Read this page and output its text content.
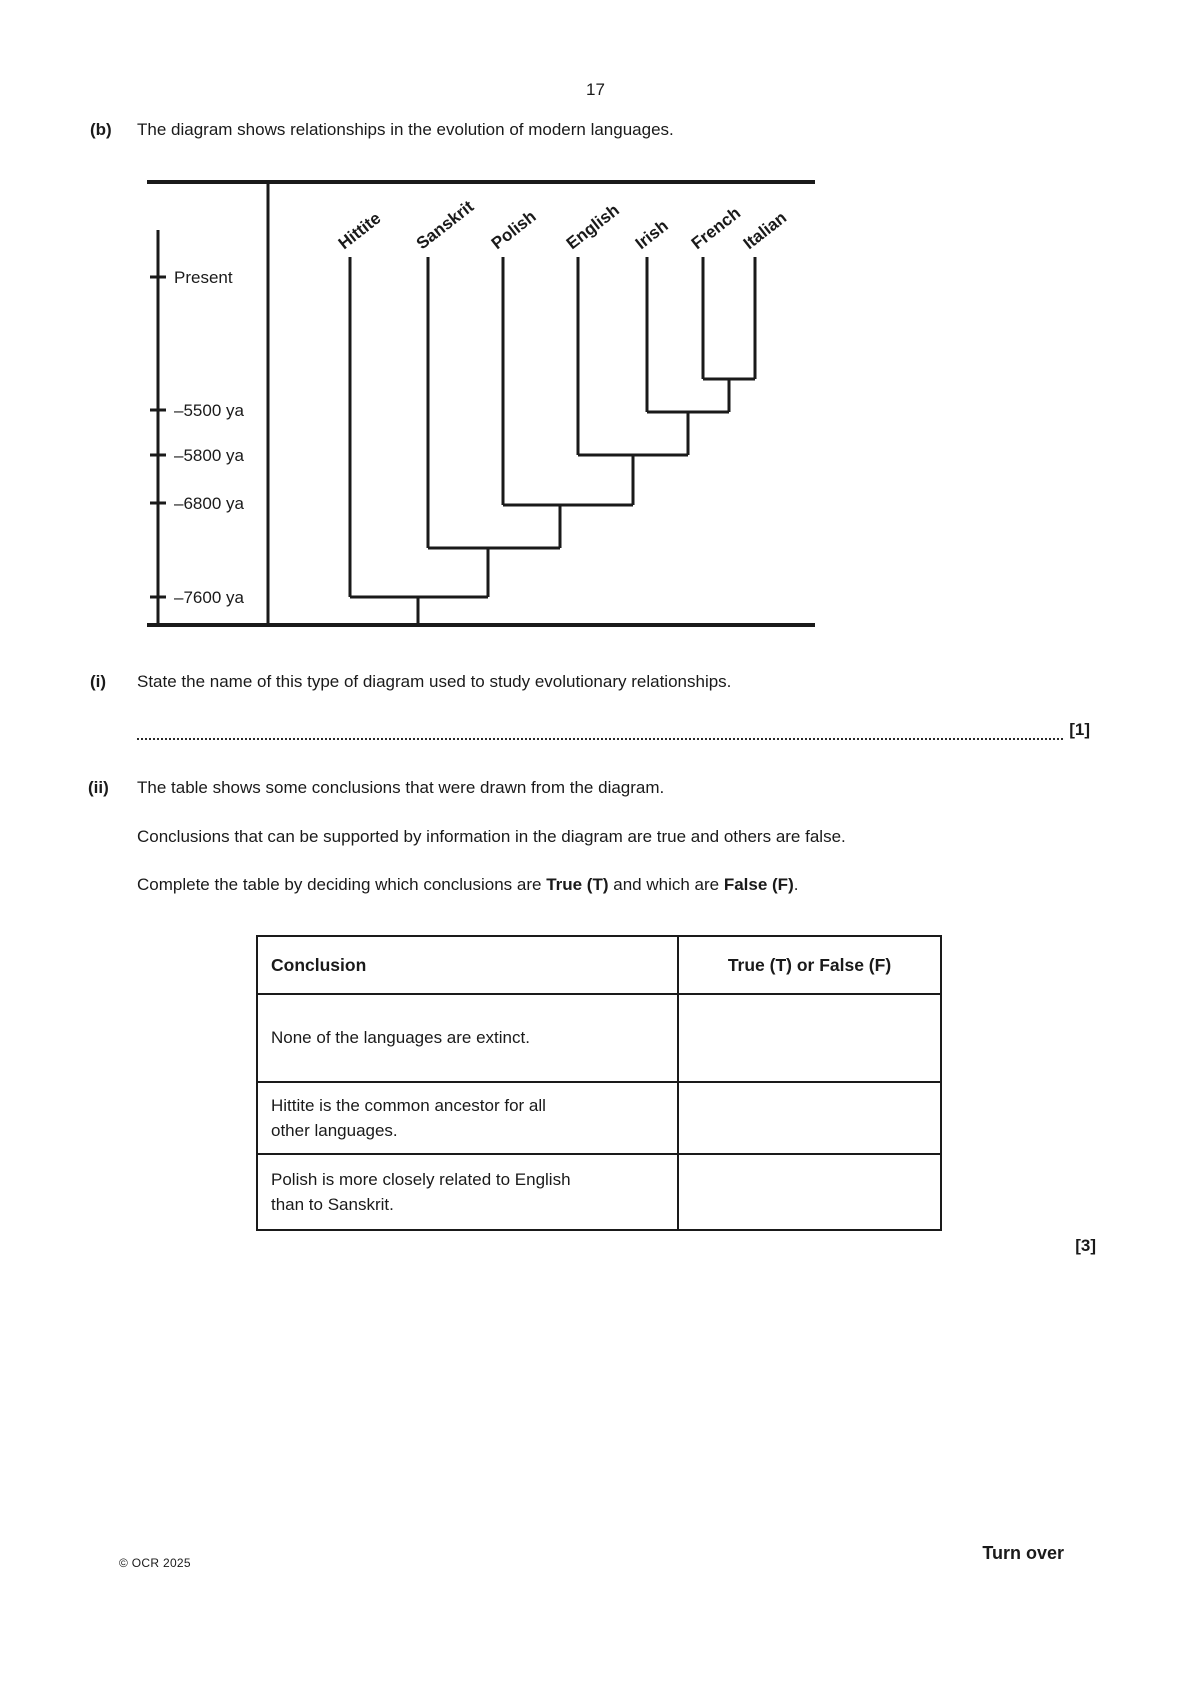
17
(b) The diagram shows relationships in the evolution of modern languages.
Present
–5500 ya
–5800 ya
–6800 ya
–7600 ya
Hittite Sanskrit Polish English Irish French
Italian
(i) State the name of this type of diagram used to study evolutionary relationships.
[1]
(ii) The table shows some conclusions that were drawn from the diagram.
Conclusions that can be supported by information in the diagram are true and others are false.
Complete the table by deciding which conclusions are True (T) and which are False (F).
Conclusion	True (T) or False (F)

None of the languages are extinct.	

Hittite is the common ancestor for all
other languages.	

Polish is more closely related to English
than to Sanskrit.	

[3]
© OCR 2025	Turn over
